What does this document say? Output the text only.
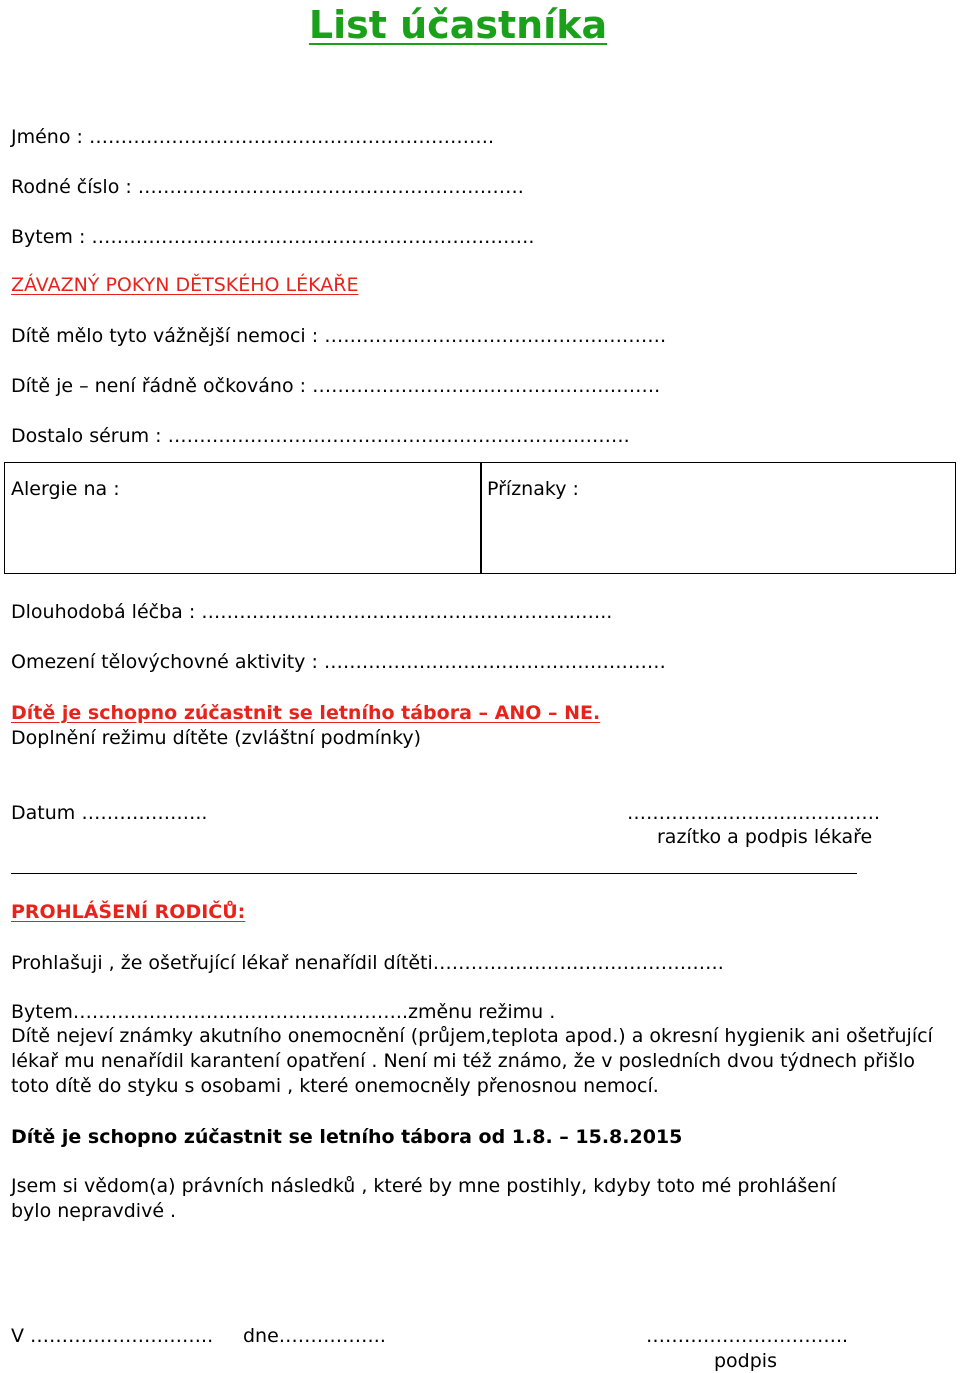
List účastníka
Jméno : ……………………………………………………….
Rodné číslo : …………………………………………………….
Bytem : …………………………………………………………….
ZÁVAZNÝ POKYN DĚTSKÉHO LÉKAŘE
Dítě mělo tyto vážnější nemoci : ………………………………………………
Dítě je – není řádně očkováno : ……………………………………………….
Dostalo sérum : ……………………………………………………………….
Alergie na :	Příznaky :
Dlouhodobá léčba : ………………………………………………………..
Omezení tělovýchovné aktivity : ………………………………………………
Dítě je schopno zúčastnit se letního tábora – ANO – NE.
Doplnění režimu dítěte (zvláštní podmínky)
Datum ………………..	………………………………….
razítko a podpis lékaře
PROHLÁŠENÍ RODIČŮ:
Prohlašuji , že ošetřující lékař nenařídil dítěti……………………………………….
Bytem……………………………………………..změnu režimu .
Dítě nejeví známky akutního onemocnění (průjem,teplota apod.) a okresní hygienik ani ošetřující lékař mu nenařídil karantení opatření . Není mi též známo, že v posledních dvou týdnech přišlo toto dítě do styku s osobami , které onemocněly přenosnou nemocí.
Dítě je schopno zúčastnit se letního tábora od 1.8. – 15.8.2015
Jsem si vědom(a) právních následků , které by mne postihly, kdyby toto mé prohlášení bylo nepravdivé .
V ……………………….. dne……………..	…………………………..
podpis
